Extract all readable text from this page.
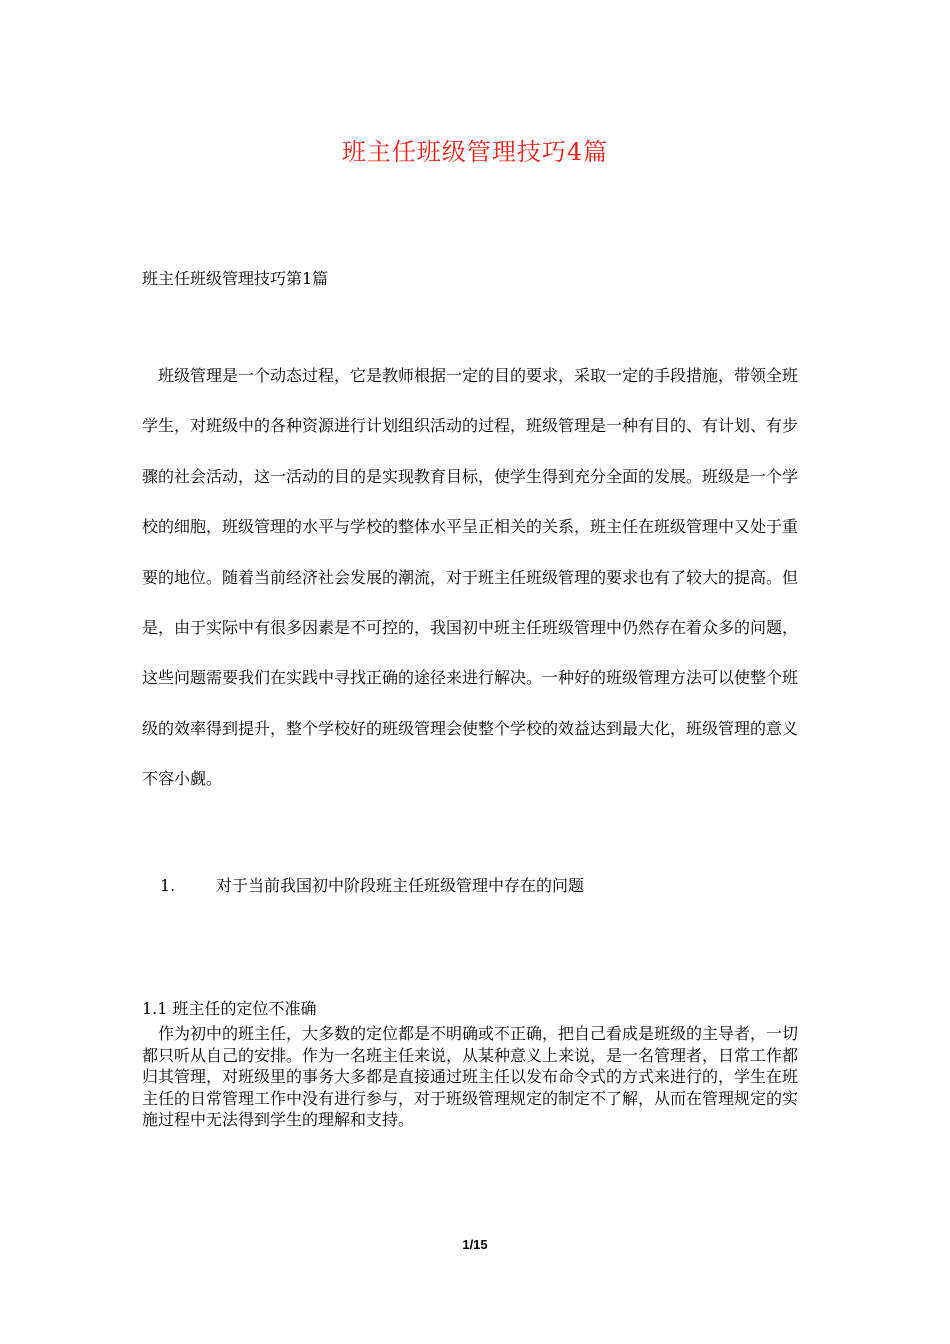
班主任班级管理技巧4篇
班主任班级管理技巧第1篇

班级管理是一个动态过程，它是教师根据一定的目的要求，采取一定的手段措施，带领全班学生，对班级中的各种资源进行计划组织活动的过程，班级管理是一种有目的、有计划、有步骤的社会活动，这一活动的目的是实现教育目标，使学生得到充分全面的发展。班级是一个学校的细胞，班级管理的水平与学校的整体水平呈正相关的关系，班主任在班级管理中又处于重要的地位。随着当前经济社会发展的潮流，对于班主任班级管理的要求也有了较大的提高。但是，由于实际中有很多因素是不可控的，我国初中班主任班级管理中仍然存在着众多的问题，这些问题需要我们在实践中寻找正确的途径来进行解决。一种好的班级管理方法可以使整个班级的效率得到提升，整个学校好的班级管理会使整个学校的效益达到最大化，班级管理的意义不容小觑。

1.	对于当前我国初中阶段班主任班级管理中存在的问题
1.1 班主任的定位不准确

作为初中的班主任，大多数的定位都是不明确或不正确，把自己看成是班级的主导者，一切都只听从自己的安排。作为一名班主任来说，从某种意义上来说，是一名管理者，日常工作都归其管理，对班级里的事务大多都是直接通过班主任以发布命令式的方式来进行的，学生在班主任的日常管理工作中没有进行参与，对于班级管理规定的制定不了解，从而在管理规定的实施过程中无法得到学生的理解和支持。

1/15
